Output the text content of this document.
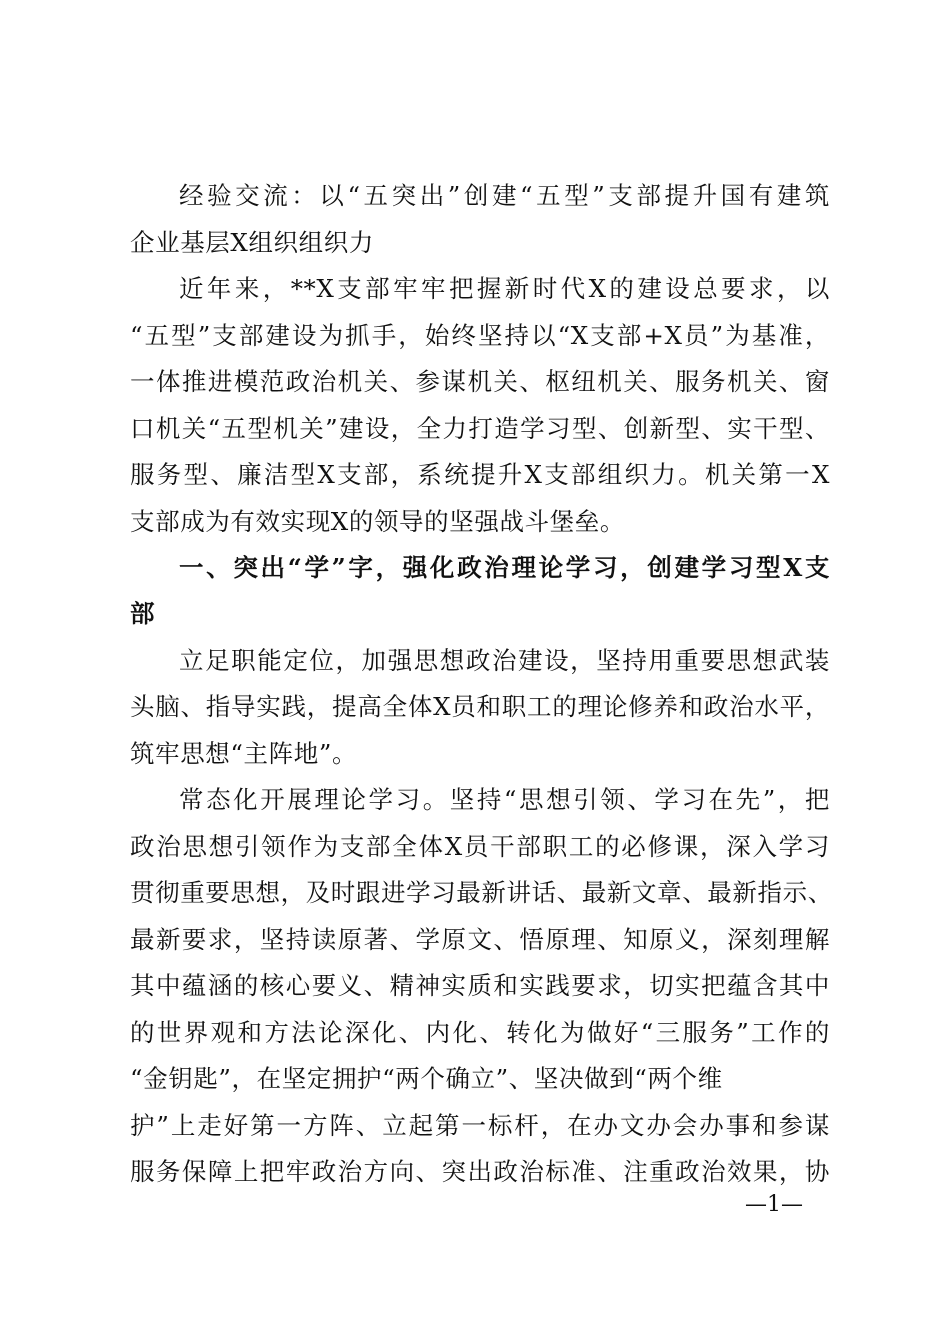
经验交流：以“五突出”创建“五型”支部提升国有建筑
企业基层X组织组织力
近年来，**X支部牢牢把握新时代X的建设总要求，以
“五型”支部建设为抓手，始终坚持以“X支部+X员”为基准，
一体推进模范政治机关、参谋机关、枢纽机关、服务机关、窗
口机关“五型机关”建设，全力打造学习型、创新型、实干型、
服务型、廉洁型X支部，系统提升X支部组织力。机关第一X
支部成为有效实现X的领导的坚强战斗堡垒。
一、突出“学”字，强化政治理论学习，创建学习型X支
部
立足职能定位，加强思想政治建设，坚持用重要思想武装
头脑、指导实践，提高全体X员和职工的理论修养和政治水平，
筑牢思想“主阵地”。
常态化开展理论学习。坚持“思想引领、学习在先”，把
政治思想引领作为支部全体X员干部职工的必修课，深入学习
贯彻重要思想，及时跟进学习最新讲话、最新文章、最新指示、
最新要求，坚持读原著、学原文、悟原理、知原义，深刻理解
其中蕴涵的核心要义、精神实质和实践要求，切实把蕴含其中
的世界观和方法论深化、内化、转化为做好“三服务”工作的
“金钥匙”，在坚定拥护“两个确立”、坚决做到“两个维
护”上走好第一方阵、立起第一标杆，在办文办会办事和参谋
服务保障上把牢政治方向、突出政治标准、注重政治效果，协
—1—
